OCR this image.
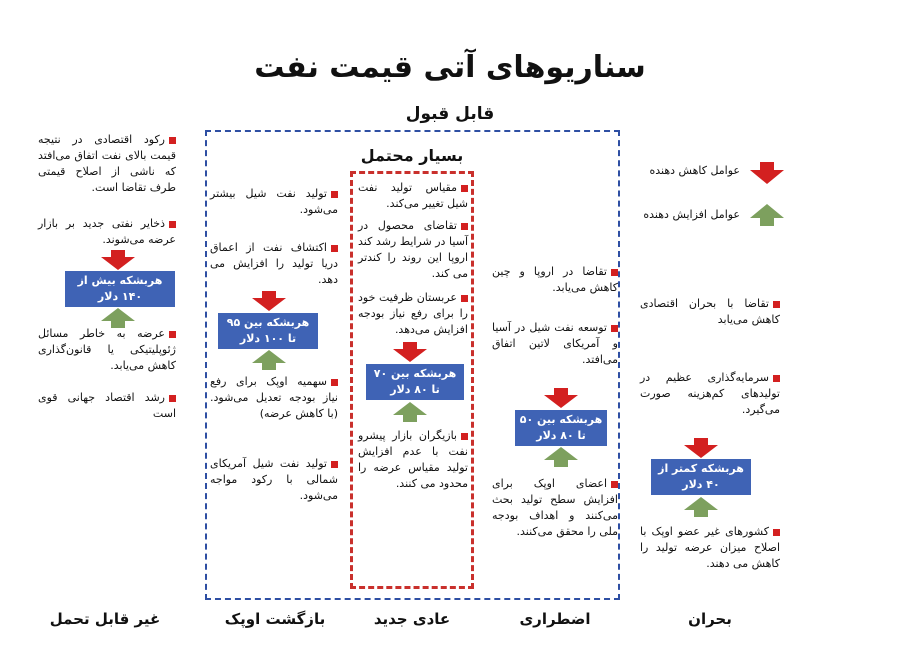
سناریوهای آتی قیمت نفت
قابل قبول
بسیار محتمل
عوامل کاهش دهنده
عوامل افزایش دهنده
رکود اقتصادی در نتیجه قیمت بالای نفت اتفاق می‌افتد که ناشی از اصلاح قیمتی طرف تقاضا است.
ذخایر نفتی جدید بر بازار عرضه می‌شوند.
هربشکه بیش از ۱۴۰ دلار
عرضه به خاطر مسائل ژئوپلیتیکی یا قانون‌گذاری کاهش می‌یابد.
رشد اقتصاد جهانی قوی است
غیر قابل تحمل
تولید نفت شیل بیشتر می‌شود.
اکتشاف نفت از اعماق دریا تولید را افزایش می دهد.
هربشکه بین ۹۵ تا ۱۰۰ دلار
سهمیه اوپک برای رفع نیاز بودجه تعدیل می‌شود. (با کاهش عرضه)
تولید نفت شیل آمریکای شمالی با رکود مواجه می‌شود.
بازگشت اوپک
مقیاس تولید نفت شیل تغییر می‌کند.
تقاضای محصول در آسیا در شرایط رشد کند اروپا این روند را کندتر می کند.
عربستان ظرفیت خود را برای رفع نیاز بودجه افزایش می‌دهد.
هربشکه بین ۷۰ تا ۸۰ دلار
بازیگران بازار پیشرو نفت با عدم افزایش تولید مقیاس عرضه را محدود می کنند.
عادی جدید
تقاضا در اروپا و چین کاهش می‌یابد.
توسعه نفت شیل در آسیا و آمریکای لاتین اتفاق می‌افتد.
هربشکه بین ۵۰ تا ۸۰ دلار
اعضای اوپک برای افزایش سطح تولید بحث می‌کنند و اهداف بودجه ملی را محقق می‌کنند.
اضطراری
تقاضا با بحران اقتصادی کاهش می‌یابد
سرمایه‌گذاری عظیم در تولیدهای کم‌هزینه صورت می‌گیرد.
هربشکه کمتر از ۴۰ دلار
کشورهای غیر عضو اوپک با اصلاح میزان عرضه تولید را کاهش می دهند.
بحران
